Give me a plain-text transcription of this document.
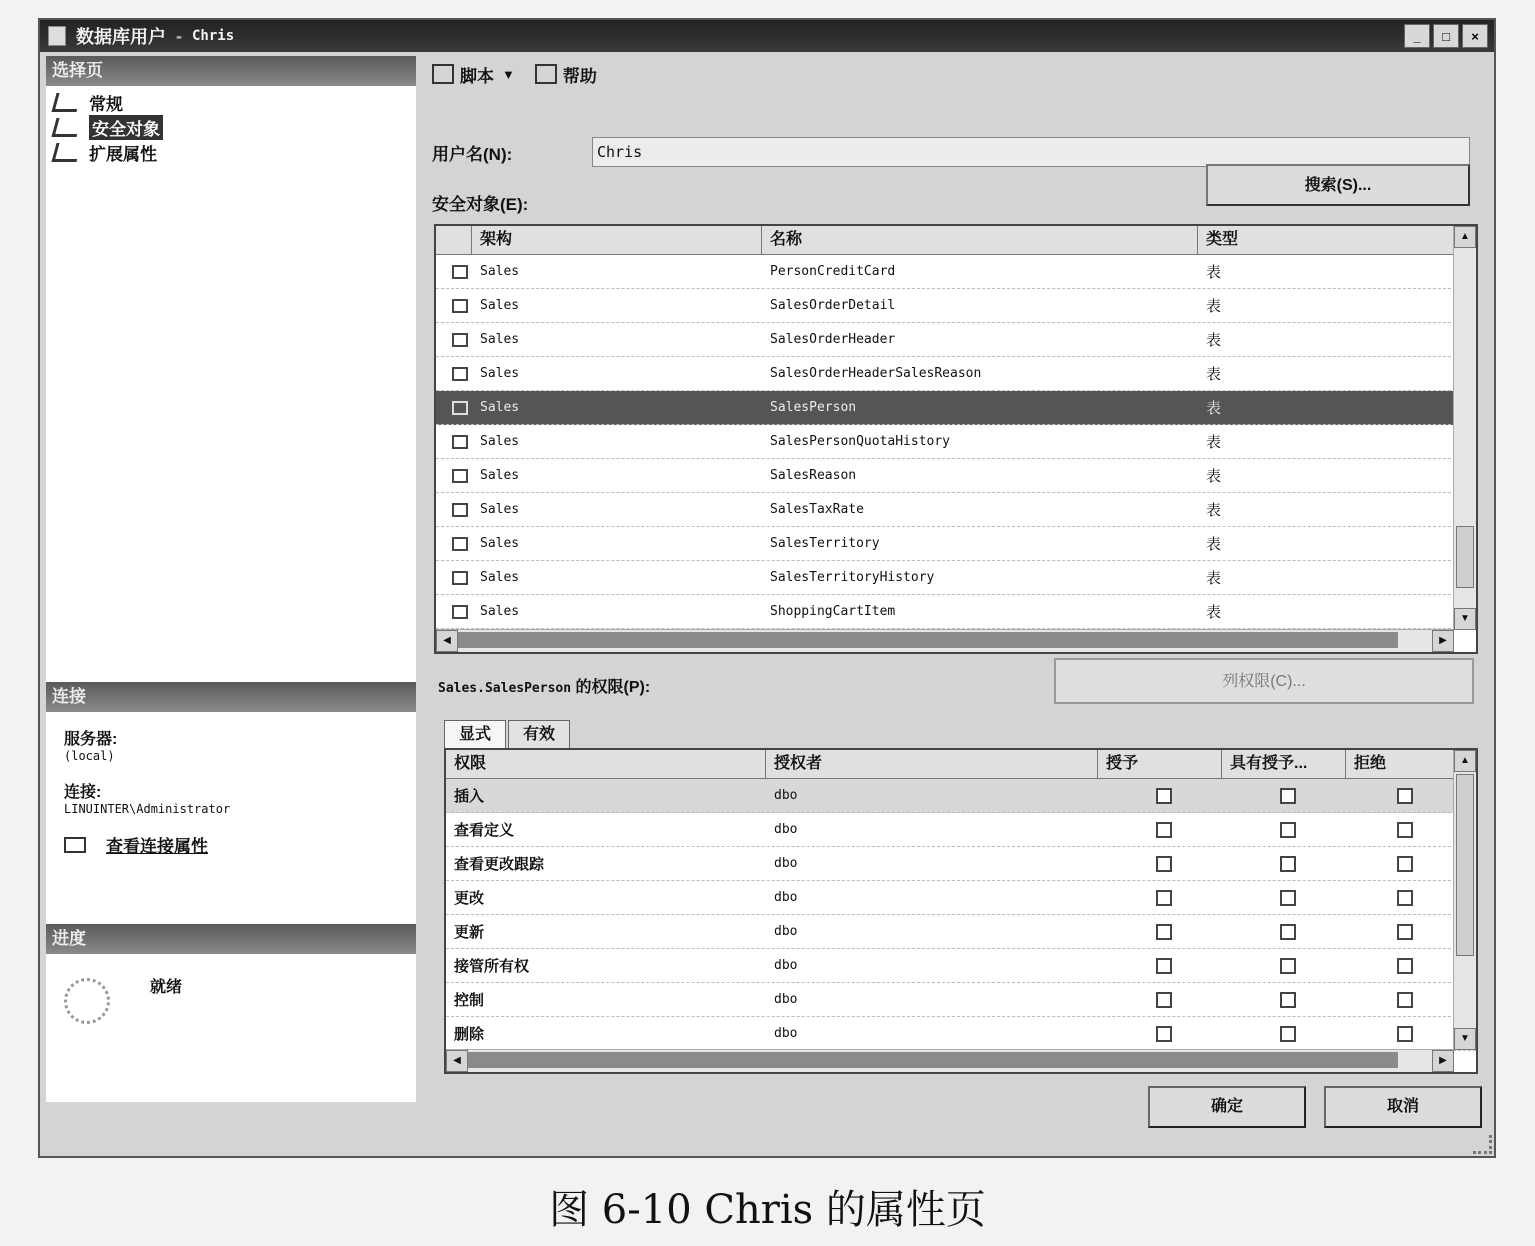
数据库用户 - Chris	_	□	×
选择页
常规
安全对象
扩展属性
连接
服务器:
(local)
连接:
LINUINTER\Administrator
查看连接属性
进度
就绪
脚本 ▼	帮助
用户名(N):	Chris
搜索(S)...
安全对象(E):
架构	名称	类型
Sales	PersonCreditCard	表
Sales	SalesOrderDetail	表
Sales	SalesOrderHeader	表
Sales	SalesOrderHeaderSalesReason	表
Sales	SalesPerson	表
Sales	SalesPersonQuotaHistory	表
Sales	SalesReason	表
Sales	SalesTaxRate	表
Sales	SalesTerritory	表
Sales	SalesTerritoryHistory	表
Sales	ShoppingCartItem	表
▲
▼
◀	▶
Sales.SalesPerson 的权限(P):	列权限(C)...
显式	有效
权限	授权者	授予	具有授予...	拒绝
插入	dbo
查看定义	dbo
查看更改跟踪	dbo
更改	dbo
更新	dbo
接管所有权	dbo
控制	dbo
删除	dbo
▲
▼
◀	▶
确定	取消
图 6-10 Chris 的属性页
